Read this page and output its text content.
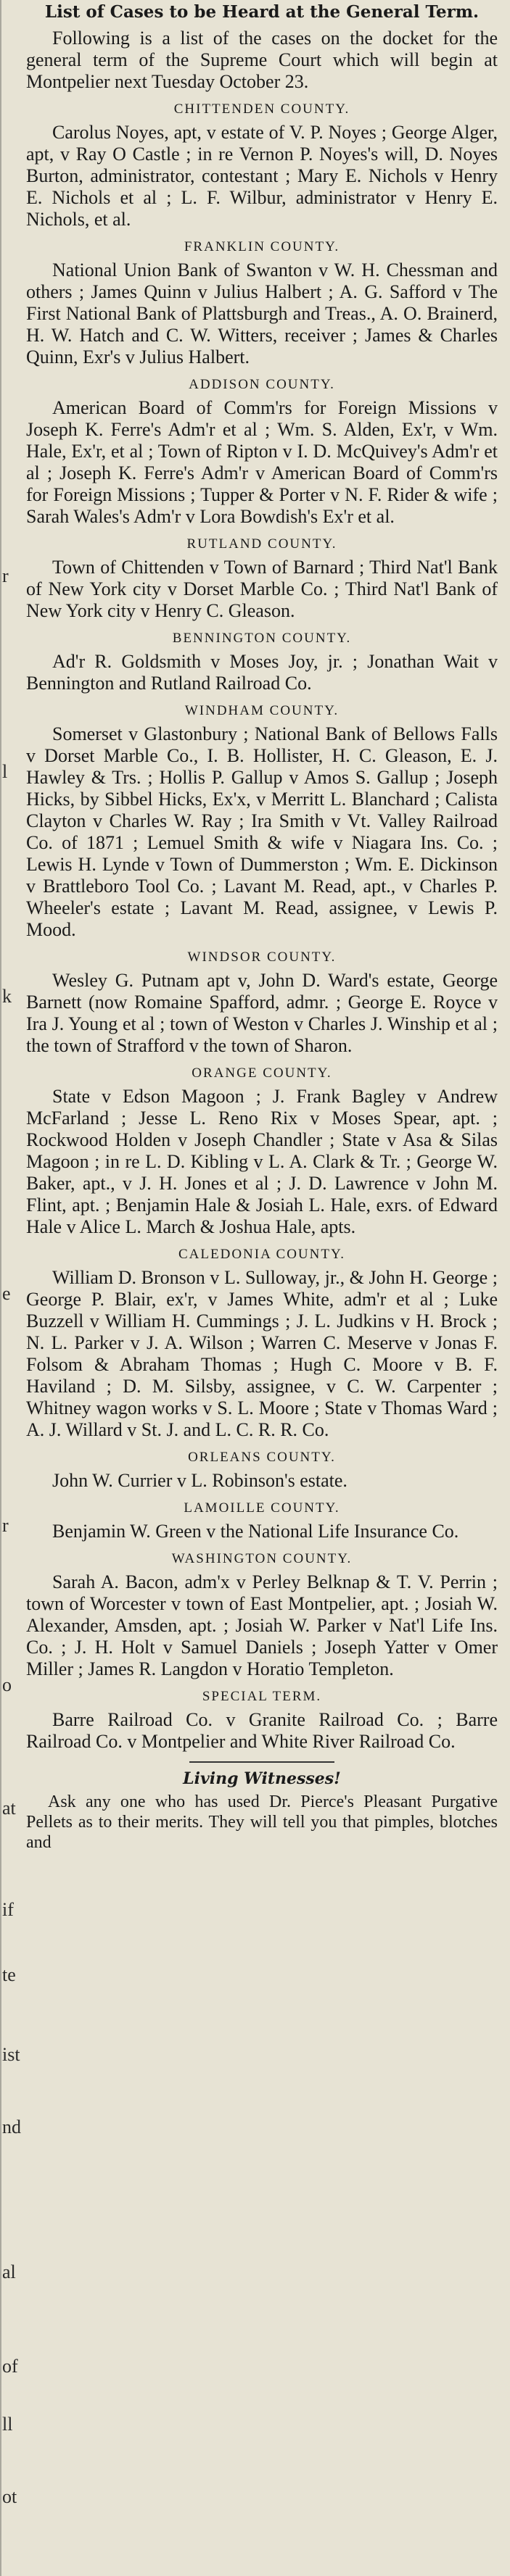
r
l
k
e
r
o
at
if
te
ist
nd
al
of
ll
ot
List of Cases to be Heard at the General Term.

Following is a list of the cases on the docket for the general term of the Supreme Court which will begin at Montpelier next Tuesday October 23.

CHITTENDEN COUNTY.

Carolus Noyes, apt, v estate of V. P. Noyes ; George Alger, apt, v Ray O Castle ; in re Vernon P. Noyes's will, D. Noyes Burton, administrator, contestant ; Mary E. Nichols v Henry E. Nichols et al ; L. F. Wilbur, administrator v Henry E. Nichols, et al.

FRANKLIN COUNTY.

National Union Bank of Swanton v W. H. Chessman and others ; James Quinn v Julius Halbert ; A. G. Safford v The First National Bank of Plattsburgh and Treas., A. O. Brainerd, H. W. Hatch and C. W. Witters, receiver ; James & Charles Quinn, Exr's v Julius Halbert.

ADDISON COUNTY.

American Board of Comm'rs for Foreign Missions v Joseph K. Ferre's Adm'r et al ; Wm. S. Alden, Ex'r, v Wm. Hale, Ex'r, et al ; Town of Ripton v I. D. McQuivey's Adm'r et al ; Joseph K. Ferre's Adm'r v American Board of Comm'rs for Foreign Missions ; Tupper & Porter v N. F. Rider & wife ; Sarah Wales's Adm'r v Lora Bowdish's Ex'r et al.

RUTLAND COUNTY.

Town of Chittenden v Town of Barnard ; Third Nat'l Bank of New York city v Dorset Marble Co. ; Third Nat'l Bank of New York city v Henry C. Gleason.

BENNINGTON COUNTY.

Ad'r R. Goldsmith v Moses Joy, jr. ; Jonathan Wait v Bennington and Rutland Railroad Co.

WINDHAM COUNTY.

Somerset v Glastonbury ; National Bank of Bellows Falls v Dorset Marble Co., I. B. Hollister, H. C. Gleason, E. J. Hawley & Trs. ; Hollis P. Gallup v Amos S. Gallup ; Joseph Hicks, by Sibbel Hicks, Ex'x, v Merritt L. Blanchard ; Calista Clayton v Charles W. Ray ; Ira Smith v Vt. Valley Railroad Co. of 1871 ; Lemuel Smith & wife v Niagara Ins. Co. ; Lewis H. Lynde v Town of Dummerston ; Wm. E. Dickinson v Brattleboro Tool Co. ; Lavant M. Read, apt., v Charles P. Wheeler's estate ; Lavant M. Read, assignee, v Lewis P. Mood.

WINDSOR COUNTY.

Wesley G. Putnam apt v, John D. Ward's estate, George Barnett (now Romaine Spafford, admr. ; George E. Royce v Ira J. Young et al ; town of Weston v Charles J. Winship et al ; the town of Strafford v the town of Sharon.

ORANGE COUNTY.

State v Edson Magoon ; J. Frank Bagley v Andrew McFarland ; Jesse L. Reno Rix v Moses Spear, apt. ; Rockwood Holden v Joseph Chandler ; State v Asa & Silas Magoon ; in re L. D. Kibling v L. A. Clark & Tr. ; George W. Baker, apt., v J. H. Jones et al ; J. D. Lawrence v John M. Flint, apt. ; Benjamin Hale & Josiah L. Hale, exrs. of Edward Hale v Alice L. March & Joshua Hale, apts.

CALEDONIA COUNTY.

William D. Bronson v L. Sulloway, jr., & John H. George ; George P. Blair, ex'r, v James White, adm'r et al ; Luke Buzzell v William H. Cummings ; J. L. Judkins v H. Brock ; N. L. Parker v J. A. Wilson ; Warren C. Meserve v Jonas F. Folsom & Abraham Thomas ; Hugh C. Moore v B. F. Haviland ; D. M. Silsby, assignee, v C. W. Carpenter ; Whitney wagon works v S. L. Moore ; State v Thomas Ward ; A. J. Willard v St. J. and L. C. R. R. Co.

ORLEANS COUNTY.

John W. Currier v L. Robinson's estate.

LAMOILLE COUNTY.

Benjamin W. Green v the National Life Insurance Co.

WASHINGTON COUNTY.

Sarah A. Bacon, adm'x v Perley Belknap & T. V. Perrin ; town of Worcester v town of East Montpelier, apt. ; Josiah W. Alexander, Amsden, apt. ; Josiah W. Parker v Nat'l Life Ins. Co. ; J. H. Holt v Samuel Daniels ; Joseph Yatter v Omer Miller ; James R. Langdon v Horatio Templeton.

SPECIAL TERM.

Barre Railroad Co. v Granite Railroad Co. ; Barre Railroad Co. v Montpelier and White River Railroad Co.

Living Witnesses!

Ask any one who has used Dr. Pierce's Pleasant Purgative Pellets as to their merits. They will tell you that pimples, blotches and
